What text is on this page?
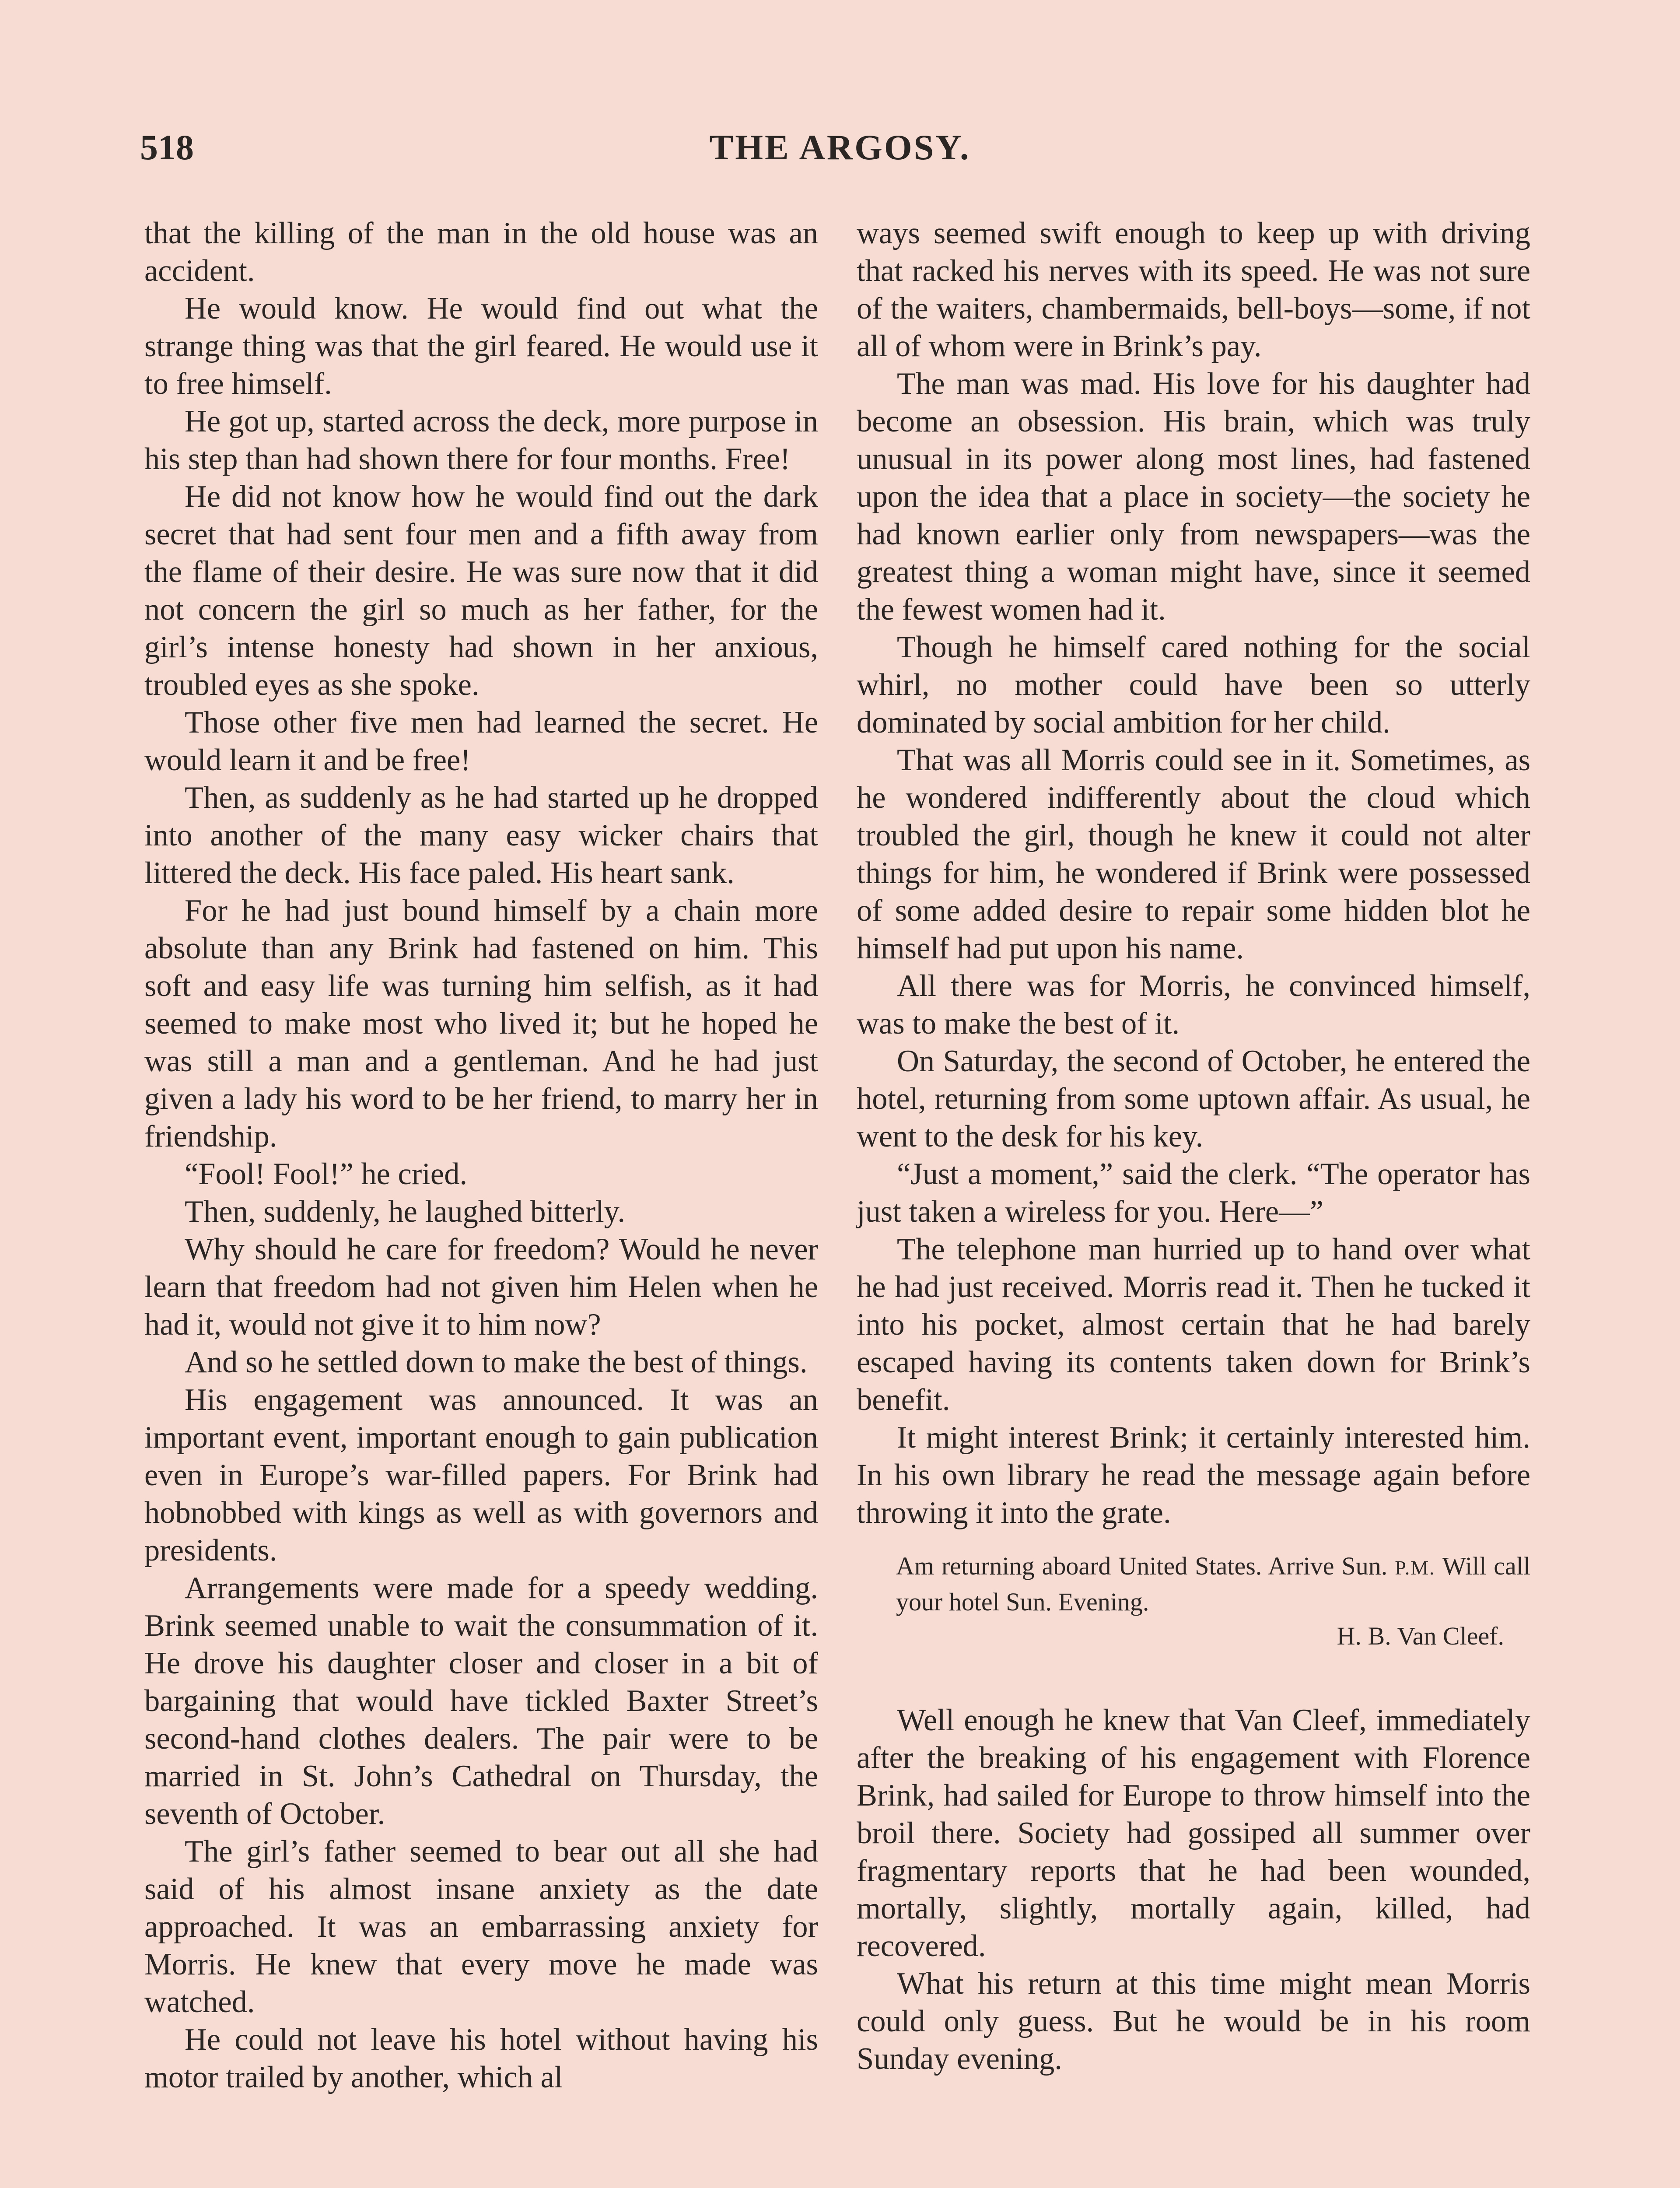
518	THE ARGOSY.

that the killing of the man in the old house was an accident.

He would know. He would find out what the strange thing was that the girl feared. He would use it to free himself.

He got up, started across the deck, more purpose in his step than had shown there for four months. Free!

He did not know how he would find out the dark secret that had sent four men and a fifth away from the flame of their desire. He was sure now that it did not concern the girl so much as her father, for the girl’s intense honesty had shown in her anxious, troubled eyes as she spoke.

Those other five men had learned the secret. He would learn it and be free!

Then, as suddenly as he had started up he dropped into another of the many easy wicker chairs that littered the deck. His face paled. His heart sank.

For he had just bound himself by a chain more absolute than any Brink had fastened on him. This soft and easy life was turning him selfish, as it had seemed to make most who lived it; but he hoped he was still a man and a gentleman. And he had just given a lady his word to be her friend, to marry her in friendship.

“Fool! Fool!” he cried.

Then, suddenly, he laughed bitterly.

Why should he care for freedom? Would he never learn that freedom had not given him Helen when he had it, would not give it to him now?

And so he settled down to make the best of things.

His engagement was announced. It was an important event, important enough to gain publication even in Europe’s war-filled papers. For Brink had hobnobbed with kings as well as with governors and presidents.

Arrangements were made for a speedy wedding. Brink seemed unable to wait the consummation of it. He drove his daughter closer and closer in a bit of bargaining that would have tickled Baxter Street’s second-hand clothes dealers. The pair were to be married in St. John’s Cathedral on Thursday, the seventh of October.

The girl’s father seemed to bear out all she had said of his almost insane anxiety as the date approached. It was an embarrassing anxiety for Morris. He knew that every move he made was watched.

He could not leave his hotel without having his motor trailed by another, which al

ways seemed swift enough to keep up with driving that racked his nerves with its speed. He was not sure of the waiters, chambermaids, bell-boys—some, if not all of whom were in Brink’s pay.

The man was mad. His love for his daughter had become an obsession. His brain, which was truly unusual in its power along most lines, had fastened upon the idea that a place in society—the society he had known earlier only from newspapers—was the greatest thing a woman might have, since it seemed the fewest women had it.

Though he himself cared nothing for the social whirl, no mother could have been so utterly dominated by social ambition for her child.

That was all Morris could see in it. Sometimes, as he wondered indifferently about the cloud which troubled the girl, though he knew it could not alter things for him, he wondered if Brink were possessed of some added desire to repair some hidden blot he himself had put upon his name.

All there was for Morris, he convinced himself, was to make the best of it.

On Saturday, the second of October, he entered the hotel, returning from some uptown affair. As usual, he went to the desk for his key.

“Just a moment,” said the clerk. “The operator has just taken a wireless for you. Here—”

The telephone man hurried up to hand over what he had just received. Morris read it. Then he tucked it into his pocket, almost certain that he had barely escaped having its contents taken down for Brink’s benefit.

It might interest Brink; it certainly interested him. In his own library he read the message again before throwing it into the grate.

Am returning aboard United States. Arrive Sun. P.M. Will call your hotel Sun. Evening.
H. B. Van Cleef.

Well enough he knew that Van Cleef, immediately after the breaking of his engagement with Florence Brink, had sailed for Europe to throw himself into the broil there. Society had gossiped all summer over fragmentary reports that he had been wounded, mortally, slightly, mortally again, killed, had recovered.

What his return at this time might mean Morris could only guess. But he would be in his room Sunday evening.
